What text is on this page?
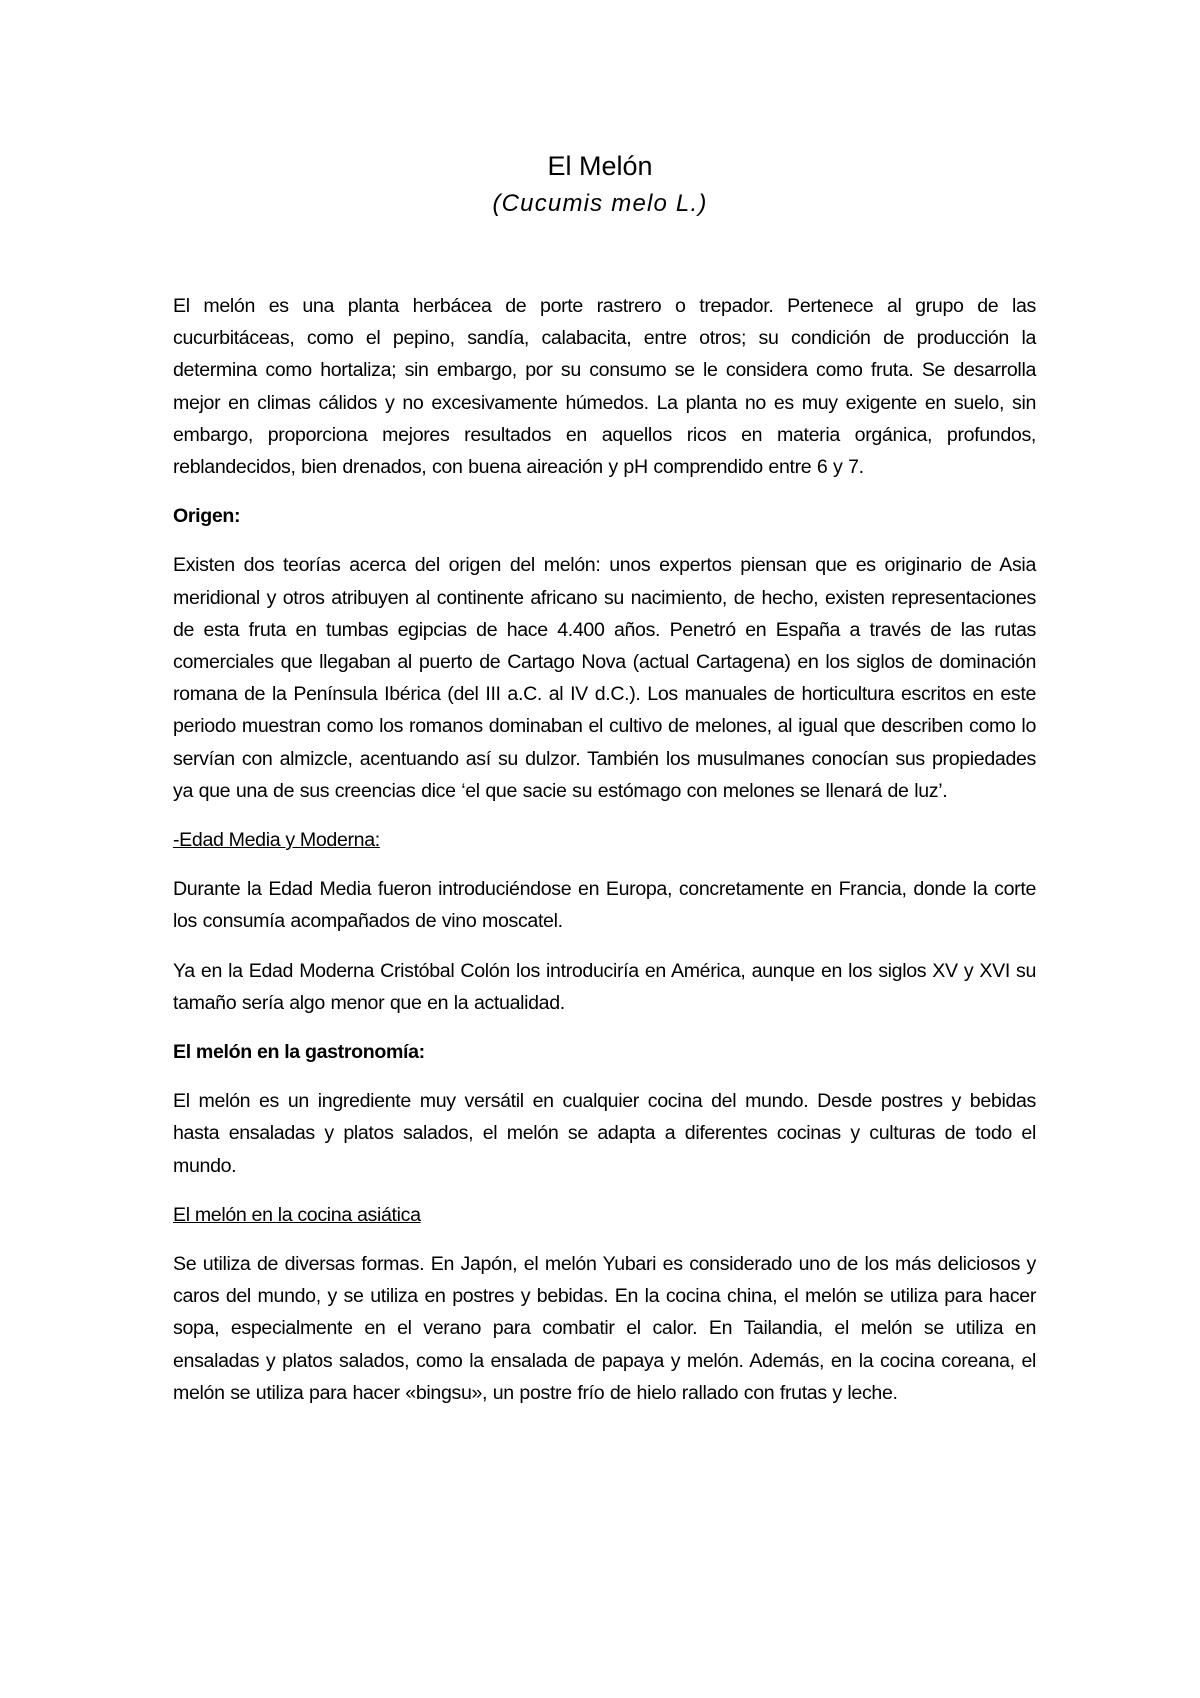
El Melón
(Cucumis melo L.)

El melón es una planta herbácea de porte rastrero o trepador. Pertenece al grupo de las cucurbitáceas, como el pepino, sandía, calabacita, entre otros; su condición de producción la determina como hortaliza; sin embargo, por su consumo se le considera como fruta. Se desarrolla mejor en climas cálidos y no excesivamente húmedos. La planta no es muy exigente en suelo, sin embargo, proporciona mejores resultados en aquellos ricos en materia orgánica, profundos, reblandecidos, bien drenados, con buena aireación y pH comprendido entre 6 y 7.

Origen:

Existen dos teorías acerca del origen del melón: unos expertos piensan que es originario de Asia meridional y otros atribuyen al continente africano su nacimiento, de hecho, existen representaciones de esta fruta en tumbas egipcias de hace 4.400 años. Penetró en España a través de las rutas comerciales que llegaban al puerto de Cartago Nova (actual Cartagena) en los siglos de dominación romana de la Península Ibérica (del III a.C. al IV d.C.). Los manuales de horticultura escritos en este periodo muestran como los romanos dominaban el cultivo de melones, al igual que describen como lo servían con almizcle, acentuando así su dulzor. También los musulmanes conocían sus propiedades ya que una de sus creencias dice ‘el que sacie su estómago con melones se llenará de luz’.

-Edad Media y Moderna:

Durante la Edad Media fueron introduciéndose en Europa, concretamente en Francia, donde la corte los consumía acompañados de vino moscatel.

Ya en la Edad Moderna Cristóbal Colón los introduciría en América, aunque en los siglos XV y XVI su tamaño sería algo menor que en la actualidad.

El melón en la gastronomía:

El melón es un ingrediente muy versátil en cualquier cocina del mundo. Desde postres y bebidas hasta ensaladas y platos salados, el melón se adapta a diferentes cocinas y culturas de todo el mundo.

El melón en la cocina asiática

Se utiliza de diversas formas. En Japón, el melón Yubari es considerado uno de los más deliciosos y caros del mundo, y se utiliza en postres y bebidas. En la cocina china, el melón se utiliza para hacer sopa, especialmente en el verano para combatir el calor. En Tailandia, el melón se utiliza en ensaladas y platos salados, como la ensalada de papaya y melón. Además, en la cocina coreana, el melón se utiliza para hacer «bingsu», un postre frío de hielo rallado con frutas y leche.
